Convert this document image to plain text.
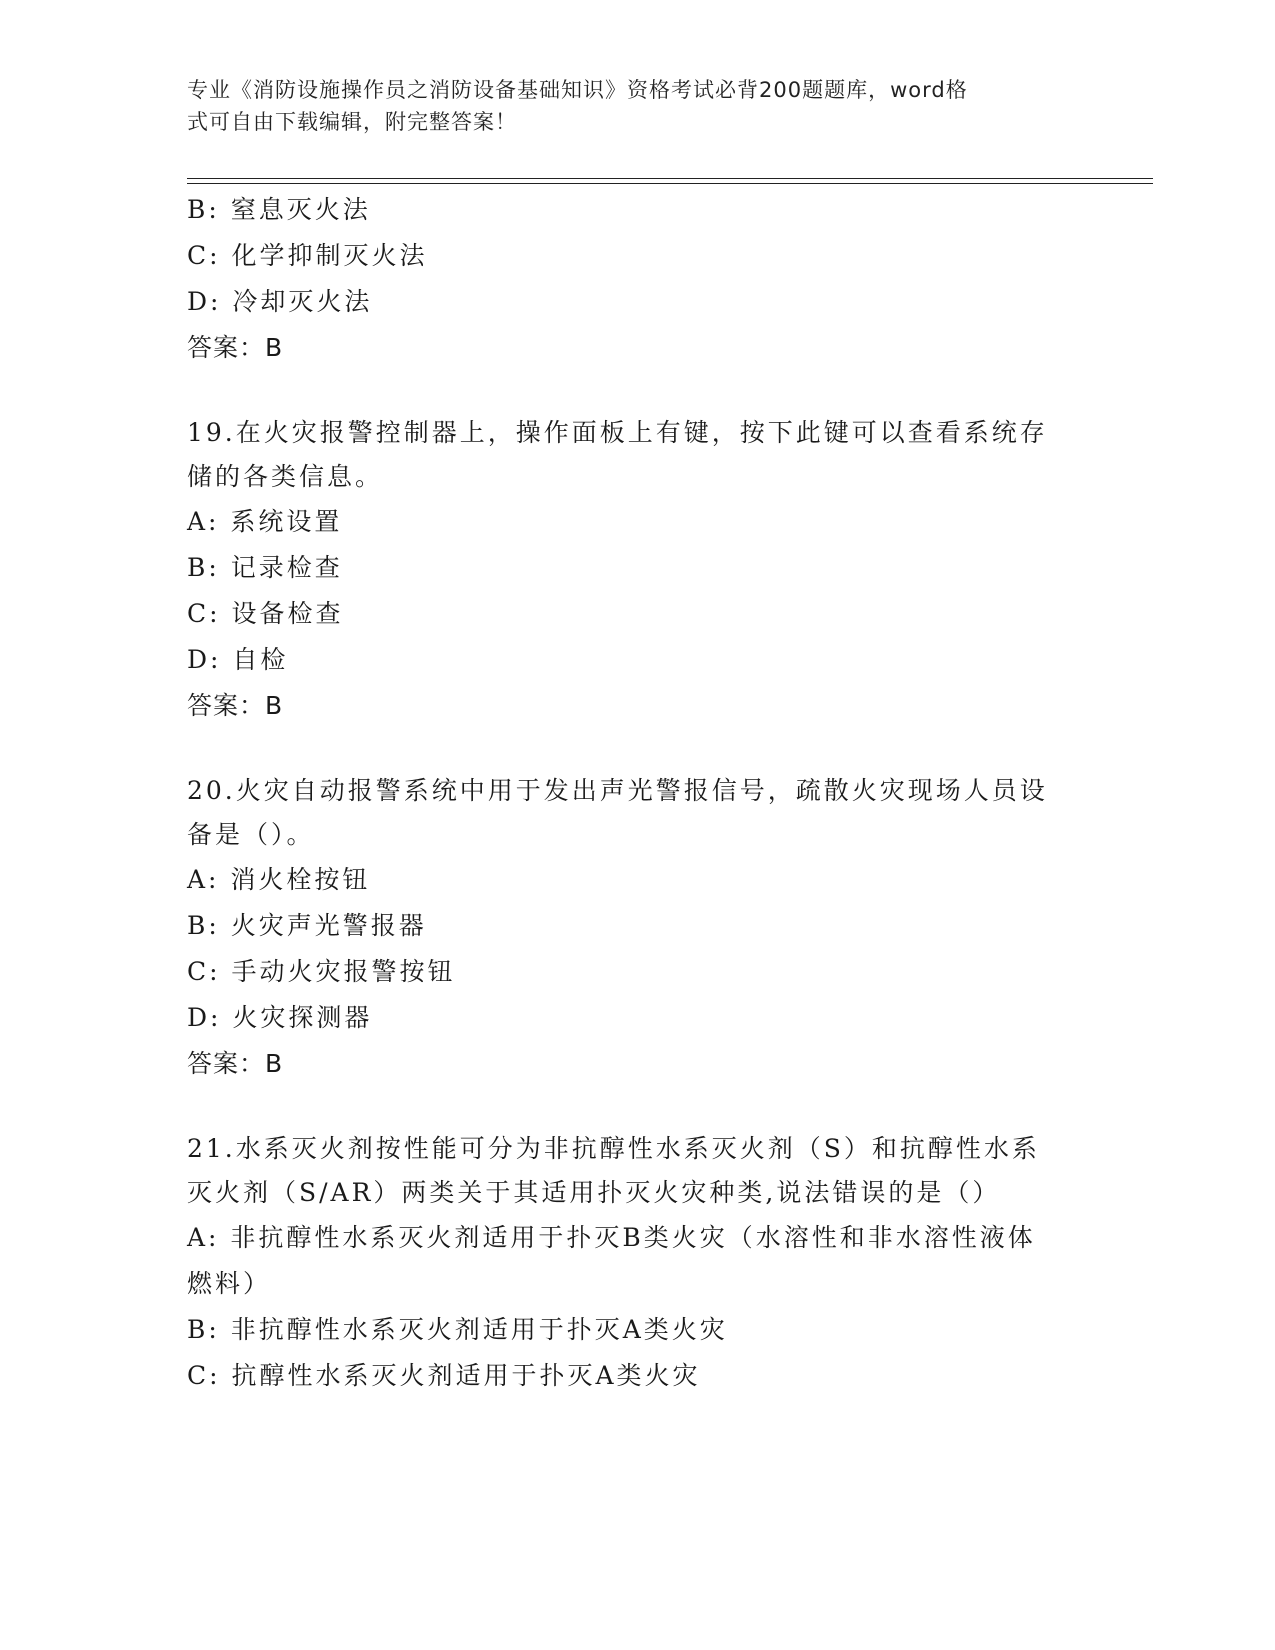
专业《消防设施操作员之消防设备基础知识》资格考试必背200题题库，word格
式可自由下载编辑，附完整答案！
B: 窒息灭火法
C: 化学抑制灭火法
D: 冷却灭火法
答案：B
19.在火灾报警控制器上，操作面板上有键，按下此键可以查看系统存
储的各类信息。
A: 系统设置
B: 记录检查
C: 设备检查
D: 自检
答案：B
20.火灾自动报警系统中用于发出声光警报信号，疏散火灾现场人员设
备是（）。
A: 消火栓按钮
B: 火灾声光警报器
C: 手动火灾报警按钮
D: 火灾探测器
答案：B
21.水系灭火剂按性能可分为非抗醇性水系灭火剂（S）和抗醇性水系
灭火剂（S/AR）两类关于其适用扑灭火灾种类,说法错误的是（）
A: 非抗醇性水系灭火剂适用于扑灭B类火灾（水溶性和非水溶性液体
燃料）
B: 非抗醇性水系灭火剂适用于扑灭A类火灾
C: 抗醇性水系灭火剂适用于扑灭A类火灾
